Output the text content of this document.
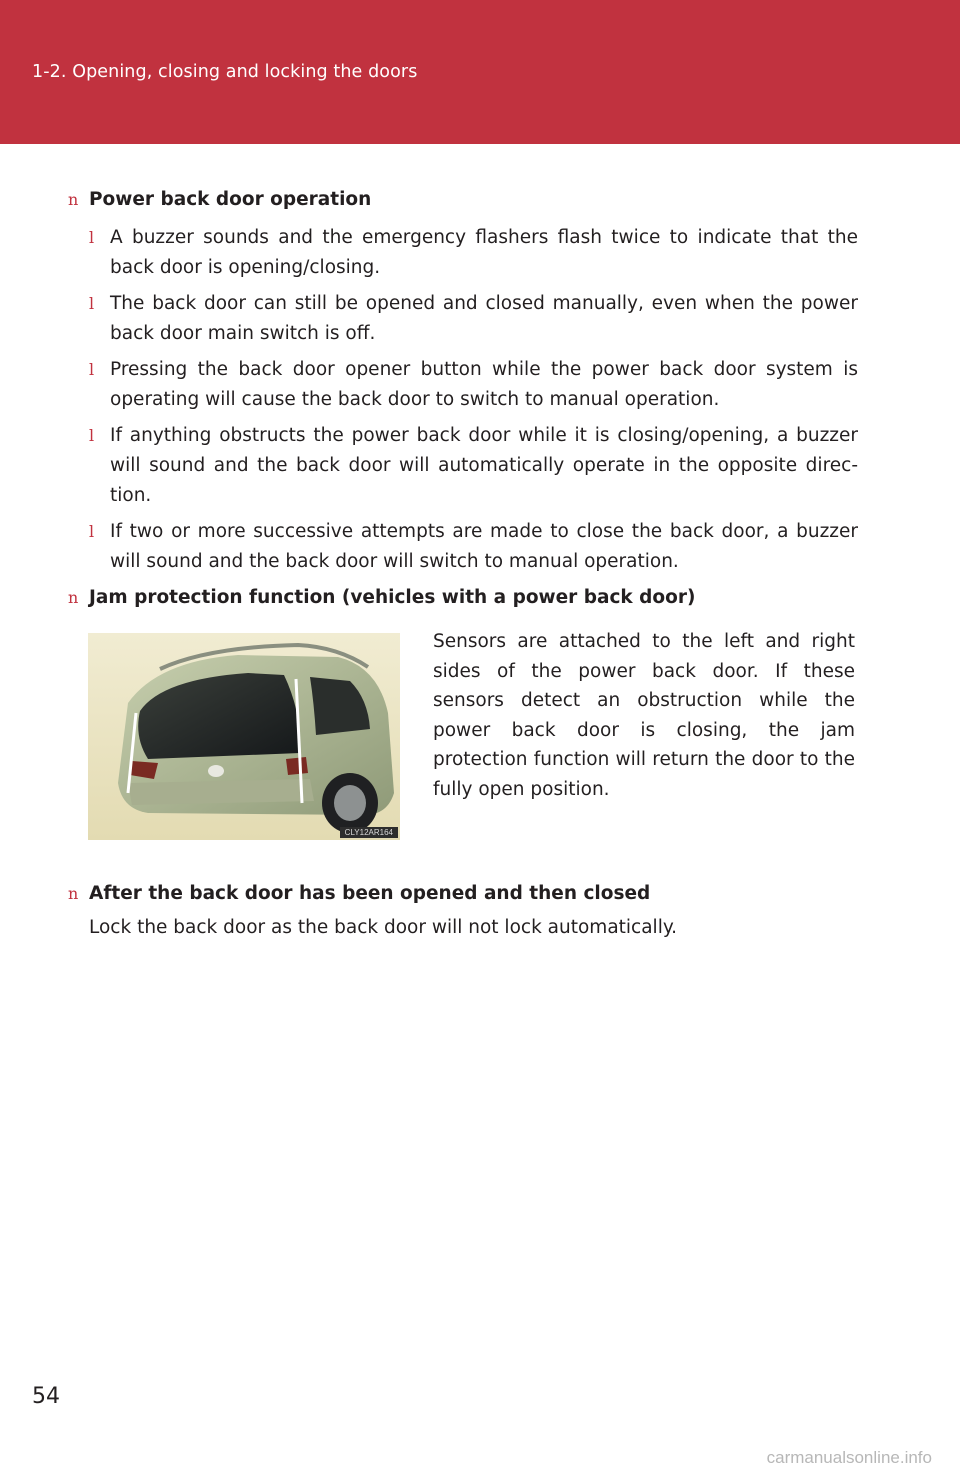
1-2. Opening, closing and locking the doors
n Power back door operation
l A buzzer sounds and the emergency flashers flash twice to indicate that the back door is opening/closing.
l The back door can still be opened and closed manually, even when the power back door main switch is off.
l Pressing the back door opener button while the power back door system is operating will cause the back door to switch to manual operation.
l If anything obstructs the power back door while it is closing/opening, a buzzer will sound and the back door will automatically operate in the opposite direc-tion.
l If two or more successive attempts are made to close the back door, a buzzer will sound and the back door will switch to manual operation.
n Jam protection function (vehicles with a power back door)
CLY12AR164
Sensors are attached to the left and right sides of the power back door. If these sensors detect an obstruction while the power back door is closing, the jam protection function will return the door to the fully open position.
n After the back door has been opened and then closed
Lock the back door as the back door will not lock automatically.
54
carmanualsonline.info
